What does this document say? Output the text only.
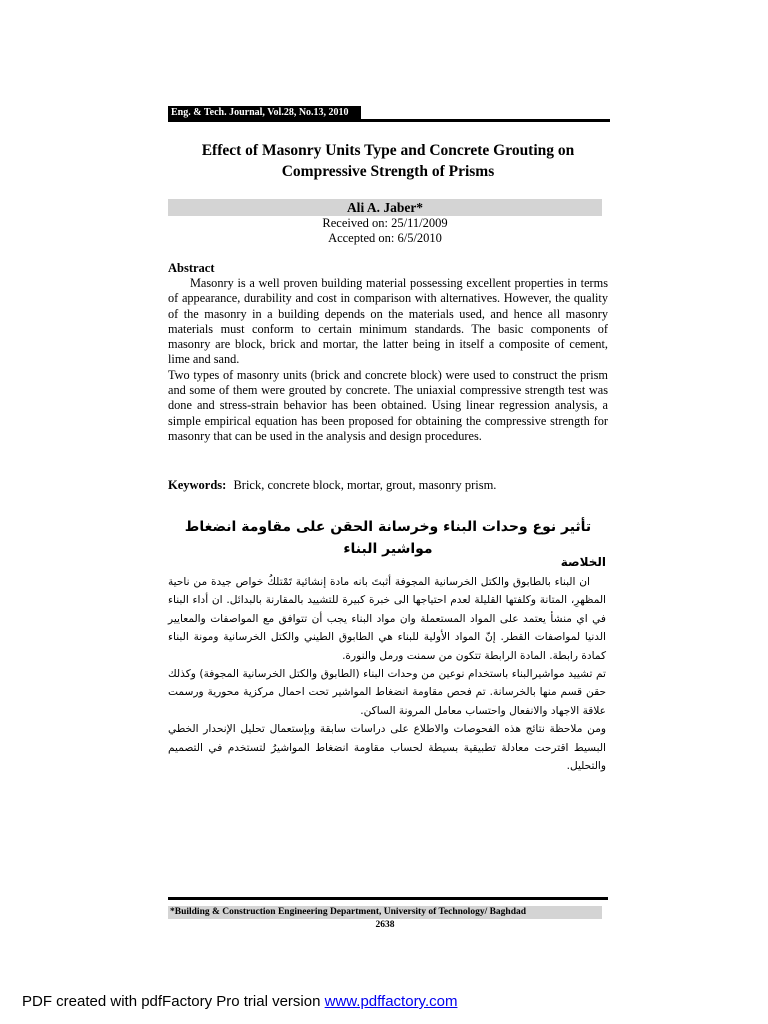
Eng. & Tech. Journal, Vol.28, No.13, 2010
Effect of Masonry Units Type and Concrete Grouting on
Compressive Strength of Prisms
Ali A. Jaber*
Received on: 25/11/2009
Accepted on: 6/5/2010
Abstract

Masonry is a well proven building material possessing excellent properties in terms of appearance, durability and cost in comparison with alternatives. However, the quality of the masonry in a building depends on the materials used, and hence all masonry materials must conform to certain minimum standards. The basic components of masonry are block, brick and mortar, the latter being in itself a composite of cement, lime and sand.

Two types of masonry units (brick and concrete block) were used to construct the prism and some of them were grouted by concrete. The uniaxial compressive strength test was done and stress-strain behavior has been obtained. Using linear regression analysis, a simple empirical equation has been proposed for obtaining the compressive strength for masonry that can be used in the analysis and design procedures.

Keywords: Brick, concrete block, mortar, grout, masonry prism.
تأثير نوع وحدات البناء وخرسانة الحقن على مقاومة انضغاط مواشير البناء
الخلاصة

ان البناء بالطابوق والكتل الخرسانية المجوفة أثبتَ بانه مادة إنشائية تَمْتلكُ خواص جيدة من ناحية المظهرِ، المتانة وكلفتها القليلة لعدم احتياجها الى خبرة كبيرة للتشييد بالمقارنة بالبدائل. ان أداء البناء في اي منشأ يعتمد على المواد المستعملة وان مواد البناء يجب أن تتوافق مع المواصفات والمعايير الدنيا لمواصفات القطر. إنّ المواد الأولية للبناء هي الطابوق الطيني والكتل الخرسانية ومونة البناء كمادة رابطة. المادة الرابطة تتكون من سمنت ورمل والنورة.

تم تشييد مواشيرالبناء باستخدام نوعين من وحدات البناء (الطابوق والكتل الخرسانية المجوفة) وكذلك حقن قسم منها بالخرسانة. تم فحص مقاومة انضغاط المواشير تحت احمال مركزية محورية ورسمت علاقة الاجهاد والانفعال واحتساب معامل المرونة الساكن.

ومن ملاحظة نتائج هذه الفحوصات والاطلاع على دراسات سابقة وبإستعمال تحليل الإنحدار الخطي البسيط اقترحت معادلة تطبيقية بسيطة لحساب مقاومة انضغاط المواشيرُ لتستخدم في التصميم والتحليل.

*Building & Construction Engineering Department, University of Technology/ Baghdad
2638
PDF created with pdfFactory Pro trial version www.pdffactory.com
